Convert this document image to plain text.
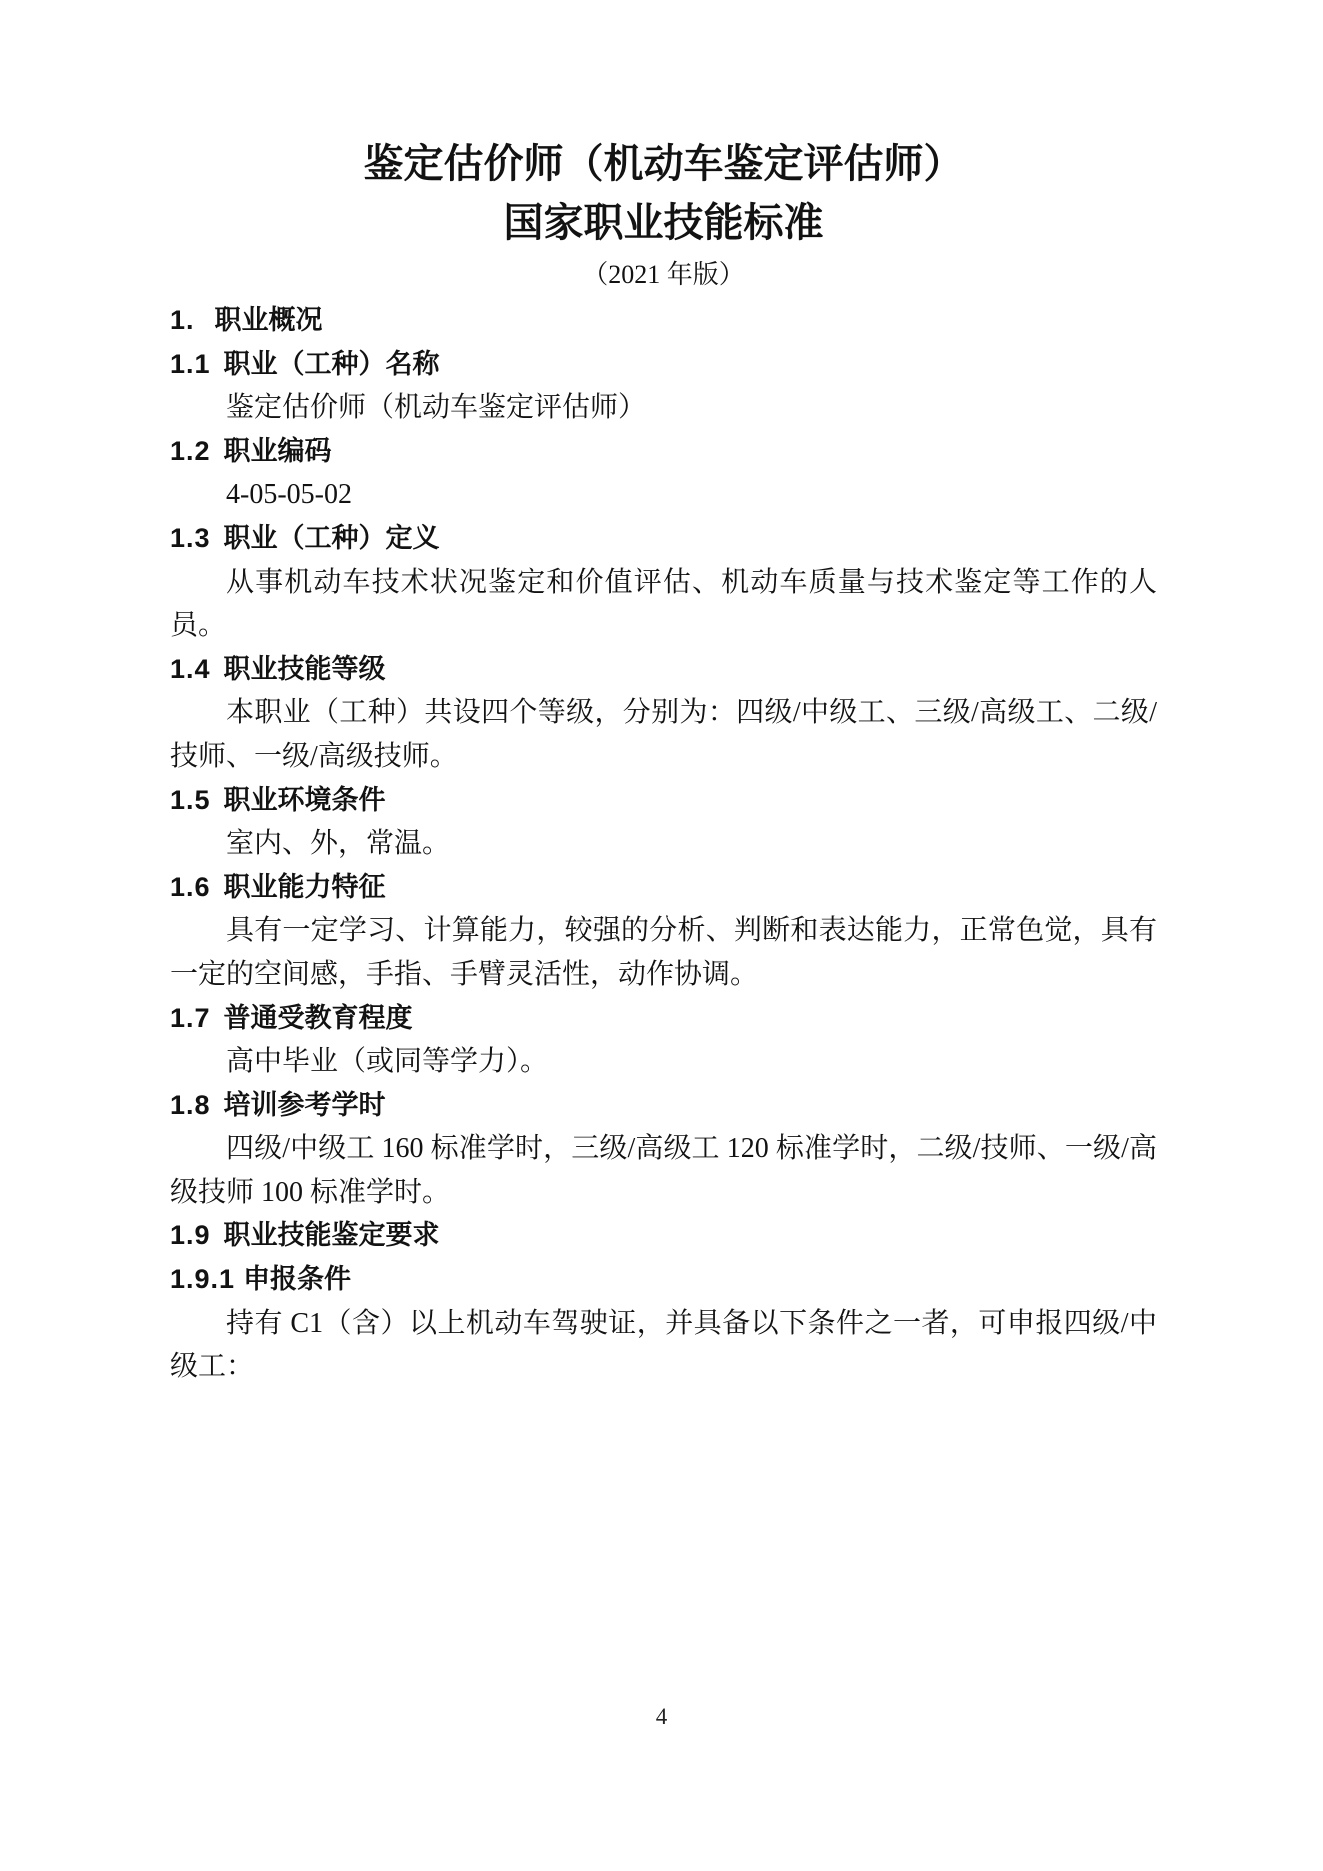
鉴定估价师（机动车鉴定评估师）
国家职业技能标准
（2021 年版）

1. 职业概况

1.1 职业（工种）名称

鉴定估价师（机动车鉴定评估师）

1.2 职业编码

4-05-05-02

1.3 职业（工种）定义

从事机动车技术状况鉴定和价值评估、机动车质量与技术鉴定等工作的人员。

1.4 职业技能等级

本职业（工种）共设四个等级，分别为：四级/中级工、三级/高级工、二级/技师、一级/高级技师。

1.5 职业环境条件

室内、外，常温。

1.6 职业能力特征

具有一定学习、计算能力，较强的分析、判断和表达能力，正常色觉，具有一定的空间感，手指、手臂灵活性，动作协调。

1.7 普通受教育程度

高中毕业（或同等学力）。

1.8 培训参考学时

四级/中级工 160 标准学时，三级/高级工 120 标准学时，二级/技师、一级/高级技师 100 标准学时。

1.9 职业技能鉴定要求

1.9.1 申报条件

持有 C1（含）以上机动车驾驶证，并具备以下条件之一者，可申报四级/中级工：

4
